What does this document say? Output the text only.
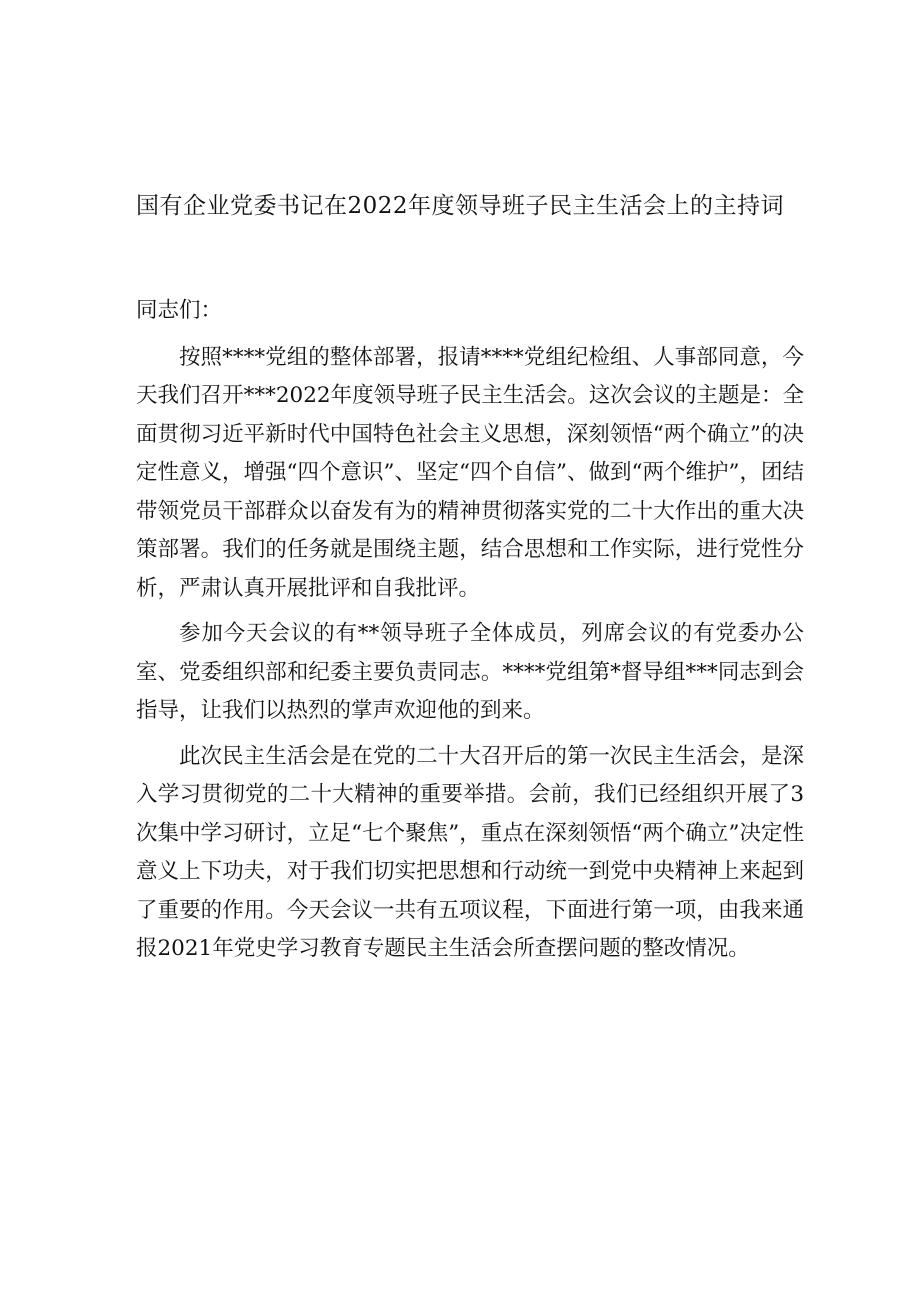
国有企业党委书记在2022年度领导班子民主生活会上的主持词

同志们：

按照****党组的整体部署，报请****党组纪检组、人事部同意，今天我们召开***2022年度领导班子民主生活会。这次会议的主题是：全面贯彻习近平新时代中国特色社会主义思想，深刻领悟“两个确立”的决定性意义，增强“四个意识”、坚定“四个自信”、做到“两个维护”，团结带领党员干部群众以奋发有为的精神贯彻落实党的二十大作出的重大决策部署。我们的任务就是围绕主题，结合思想和工作实际，进行党性分析，严肃认真开展批评和自我批评。

参加今天会议的有**领导班子全体成员，列席会议的有党委办公室、党委组织部和纪委主要负责同志。****党组第*督导组***同志到会指导，让我们以热烈的掌声欢迎他的到来。

此次民主生活会是在党的二十大召开后的第一次民主生活会，是深入学习贯彻党的二十大精神的重要举措。会前，我们已经组织开展了3次集中学习研讨，立足“七个聚焦”，重点在深刻领悟“两个确立”决定性意义上下功夫，对于我们切实把思想和行动统一到党中央精神上来起到了重要的作用。今天会议一共有五项议程，下面进行第一项，由我来通报2021年党史学习教育专题民主生活会所查摆问题的整改情况。
